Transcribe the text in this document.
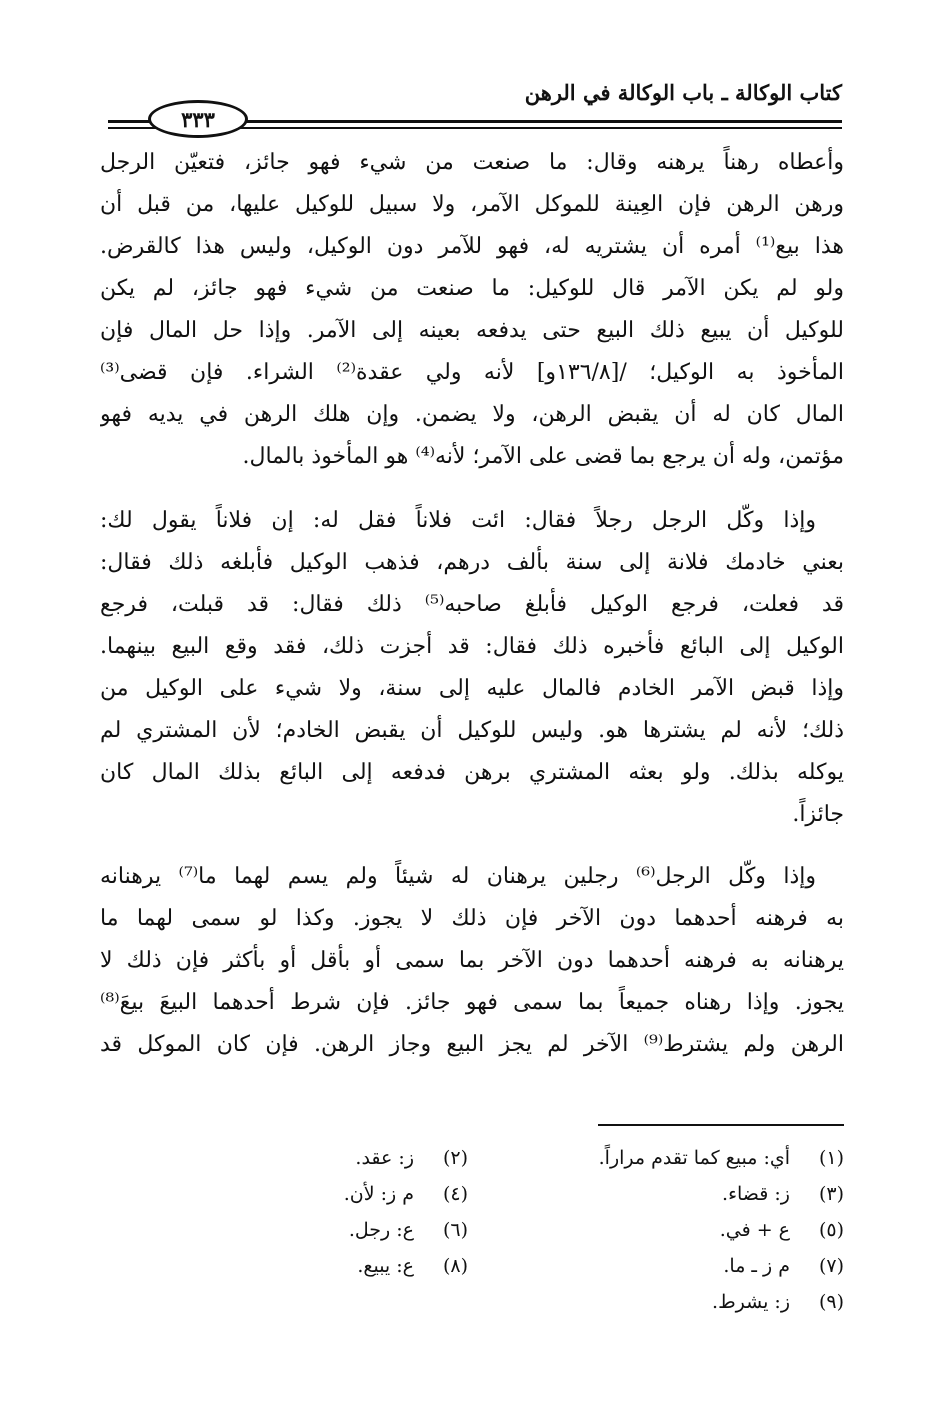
كتاب الوكالة ـ باب الوكالة في الرهن
٣٣٣
وأعطاه رهناً يرهنه وقال: ما صنعت من شيء فهو جائز، فتعيّن الرجل
ورهن الرهن فإن العِينة للموكل الآمر، ولا سبيل للوكيل عليها، من قبل أن
هذا بيع⁽¹⁾ أمره أن يشتريه له، فهو للآمر دون الوكيل، وليس هذا كالقرض.
ولو لم يكن الآمر قال للوكيل: ما صنعت من شيء فهو جائز، لم يكن
للوكيل أن يبيع ذلك البيع حتى يدفعه بعينه إلى الآمر. وإذا حل المال فإن
المأخوذ به الوكيل؛ /[١٣٦/٨و] لأنه ولي عقدة⁽²⁾ الشراء. فإن قضى⁽³⁾
المال كان له أن يقبض الرهن، ولا يضمن. وإن هلك الرهن في يديه فهو
مؤتمن، وله أن يرجع بما قضى على الآمر؛ لأنه⁽⁴⁾ هو المأخوذ بالمال.
وإذا وكّل الرجل رجلاً فقال: ائت فلاناً فقل له: إن فلاناً يقول لك:
بعني خادمك فلانة إلى سنة بألف درهم، فذهب الوكيل فأبلغه ذلك فقال:
قد فعلت، فرجع الوكيل فأبلغ صاحبه⁽⁵⁾ ذلك فقال: قد قبلت، فرجع
الوكيل إلى البائع فأخبره ذلك فقال: قد أجزت ذلك، فقد وقع البيع بينهما.
وإذا قبض الآمر الخادم فالمال عليه إلى سنة، ولا شيء على الوكيل من
ذلك؛ لأنه لم يشترها هو. وليس للوكيل أن يقبض الخادم؛ لأن المشتري لم
يوكله بذلك. ولو بعثه المشتري برهن فدفعه إلى البائع بذلك المال كان
جائزاً.
وإذا وكّل الرجل⁽⁶⁾ رجلين يرهنان له شيئاً ولم يسم لهما ما⁽⁷⁾ يرهنانه
به فرهنه أحدهما دون الآخر فإن ذلك لا يجوز. وكذا لو سمى لهما ما
يرهنانه به فرهنه أحدهما دون الآخر بما سمى أو بأقل أو بأكثر فإن ذلك لا
يجوز. وإذا رهناه جميعاً بما سمى فهو جائز. فإن شرط أحدهما البيعَ بيعَ⁽⁸⁾
الرهن ولم يشترط⁽⁹⁾ الآخر لم يجز البيع وجاز الرهن. فإن كان الموكل قد
(١)أي: مبيع كما تقدم مراراً.
(٣)ز: قضاء.
(٥)ع + في.
(٧)م ز ـ ما.
(٩)ز: يشرط.
(٢)ز: عقد.
(٤)م ز: لأن.
(٦)ع: رجل.
(٨)ع: يبيع.
